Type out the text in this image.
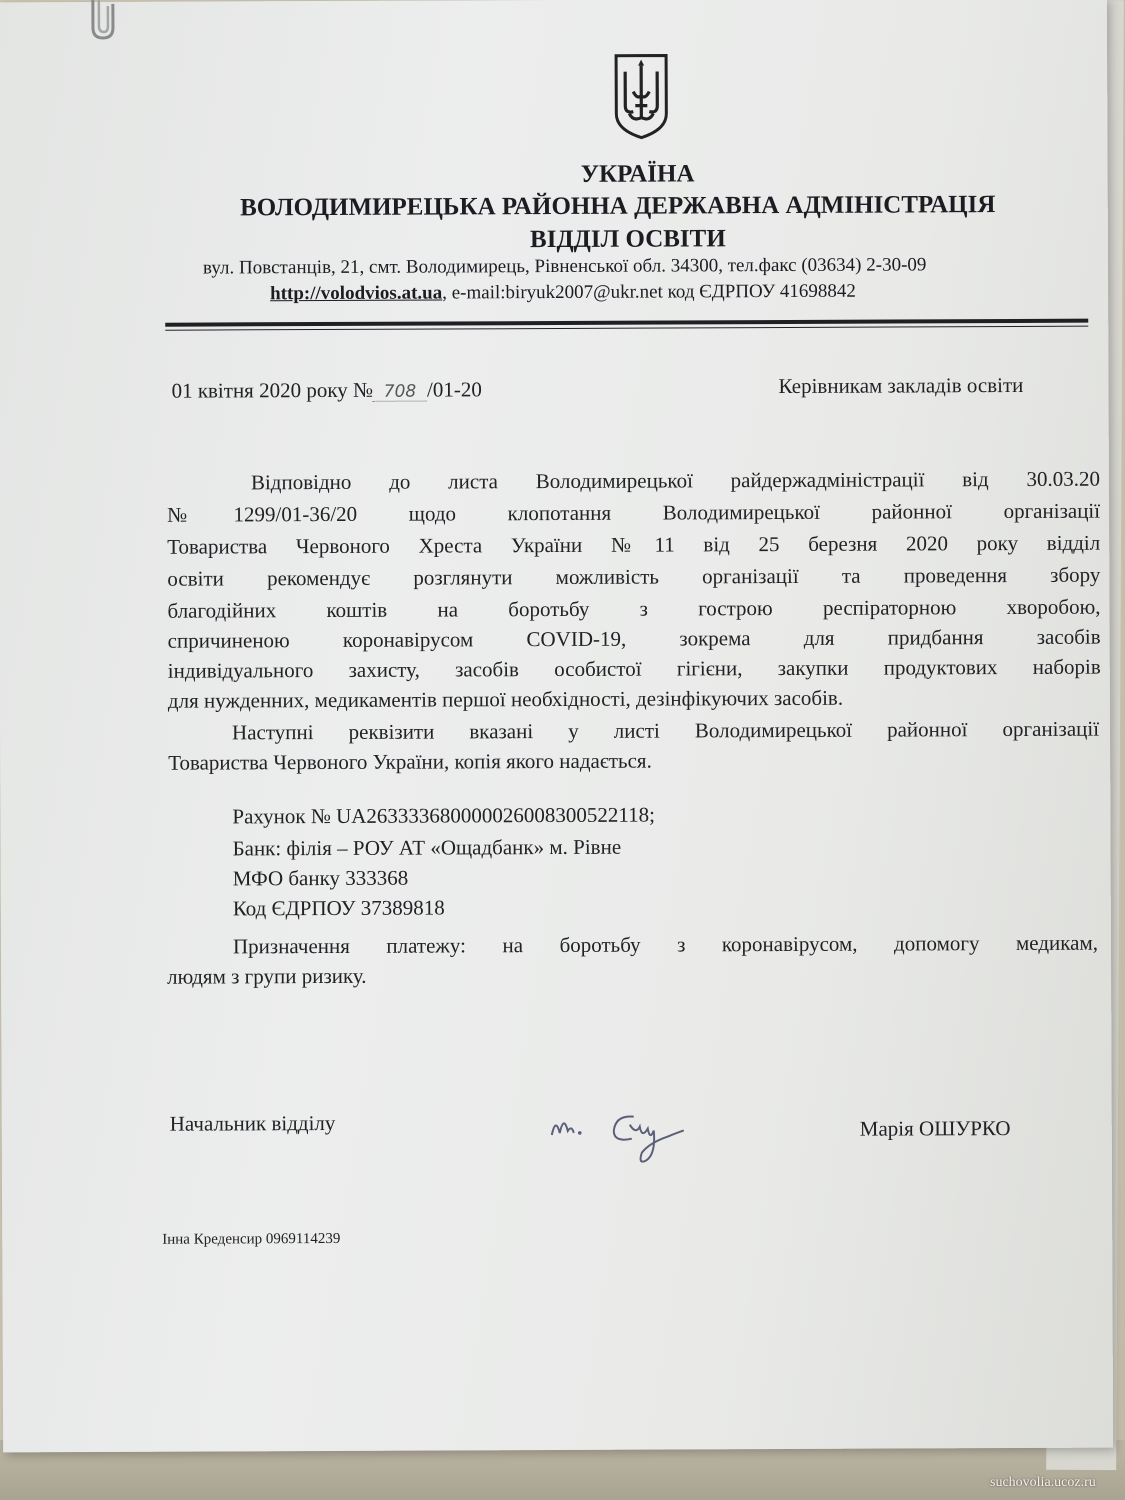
УКРАЇНА
ВОЛОДИМИРЕЦЬКА РАЙОННА ДЕРЖАВНА АДМІНІСТРАЦІЯ
ВІДДІЛ ОСВІТИ
вул. Повстанців, 21, смт. Володимирець, Рівненської обл. 34300, тел.факс (03634) 2-30-09
http://volodvios.at.ua, e-mail:biryuk2007@ukr.net код ЄДРПОУ 41698842
01 квітня 2020 року № 708 /01-20	Керівникам закладів освіти
Відповідно до листа Володимирецької райдержадміністрації від 30.03.20
№1299/01-36/20 щодо клопотання Володимирецької районної організації
Товариства Червоного Хреста України №11 від 25 березня 2020 року відділ
освіти рекомендує розглянути можливість організації та проведення збору
благодійних коштів на боротьбу з гострою респіраторною хворобою,
спричиненою коронавірусом COVID-19, зокрема для придбання засобів
індивідуального захисту, засобів особистої гігієни, закупки продуктових наборів
для нужденних, медикаментів першої необхідності, дезінфікуючих засобів.
Наступні реквізити вказані у листі Володимирецької районної організації
Товариства Червоного України, копія якого надається.
Рахунок № UA263333680000026008300522118;
Банк: філія – РОУ АТ «Ощадбанк» м. Рівне
МФО банку 333368
Код ЄДРПОУ 37389818
Призначення платежу: на боротьбу з коронавірусом, допомогу медикам,
людям з групи ризику.
Начальник відділу	Марія ОШУРКО
Інна Креденсир 0969114239
suchovolia.ucoz.ru
